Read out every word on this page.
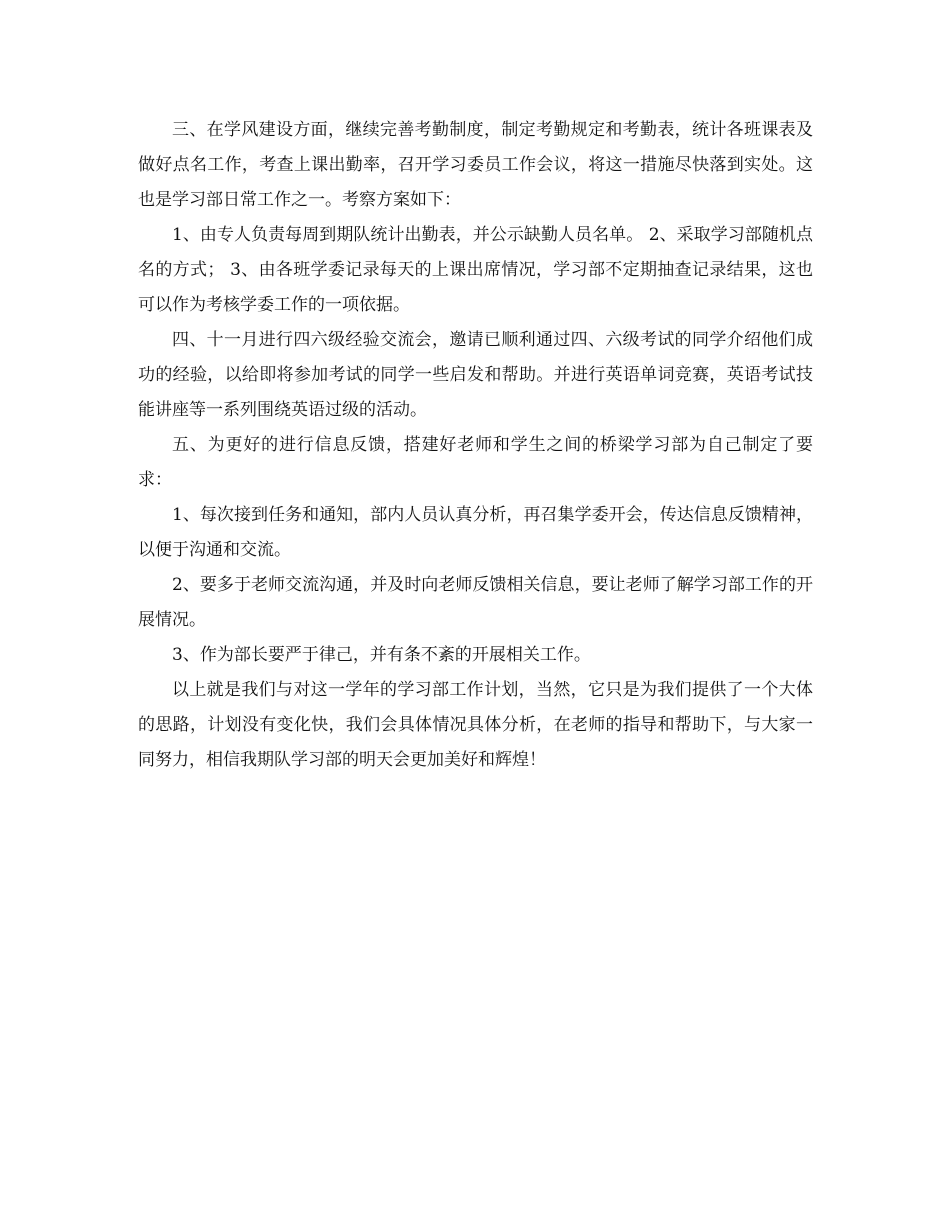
三、在学风建设方面，继续完善考勤制度，制定考勤规定和考勤表，统计各班课表及做好点名工作，考查上课出勤率，召开学习委员工作会议，将这一措施尽快落到实处。这也是学习部日常工作之一。考察方案如下：

1、由专人负责每周到期队统计出勤表，并公示缺勤人员名单。 2、采取学习部随机点名的方式； 3、由各班学委记录每天的上课出席情况，学习部不定期抽查记录结果，这也可以作为考核学委工作的一项依据。

四、十一月进行四六级经验交流会，邀请已顺利通过四、六级考试的同学介绍他们成功的经验，以给即将参加考试的同学一些启发和帮助。并进行英语单词竞赛，英语考试技能讲座等一系列围绕英语过级的活动。

五、为更好的进行信息反馈，搭建好老师和学生之间的桥梁学习部为自己制定了要求：

1、每次接到任务和通知，部内人员认真分析，再召集学委开会，传达信息反馈精神，以便于沟通和交流。

2、要多于老师交流沟通，并及时向老师反馈相关信息，要让老师了解学习部工作的开展情况。

3、作为部长要严于律己，并有条不紊的开展相关工作。

以上就是我们与对这一学年的学习部工作计划，当然，它只是为我们提供了一个大体的思路，计划没有变化快，我们会具体情况具体分析，在老师的指导和帮助下，与大家一同努力，相信我期队学习部的明天会更加美好和辉煌！
